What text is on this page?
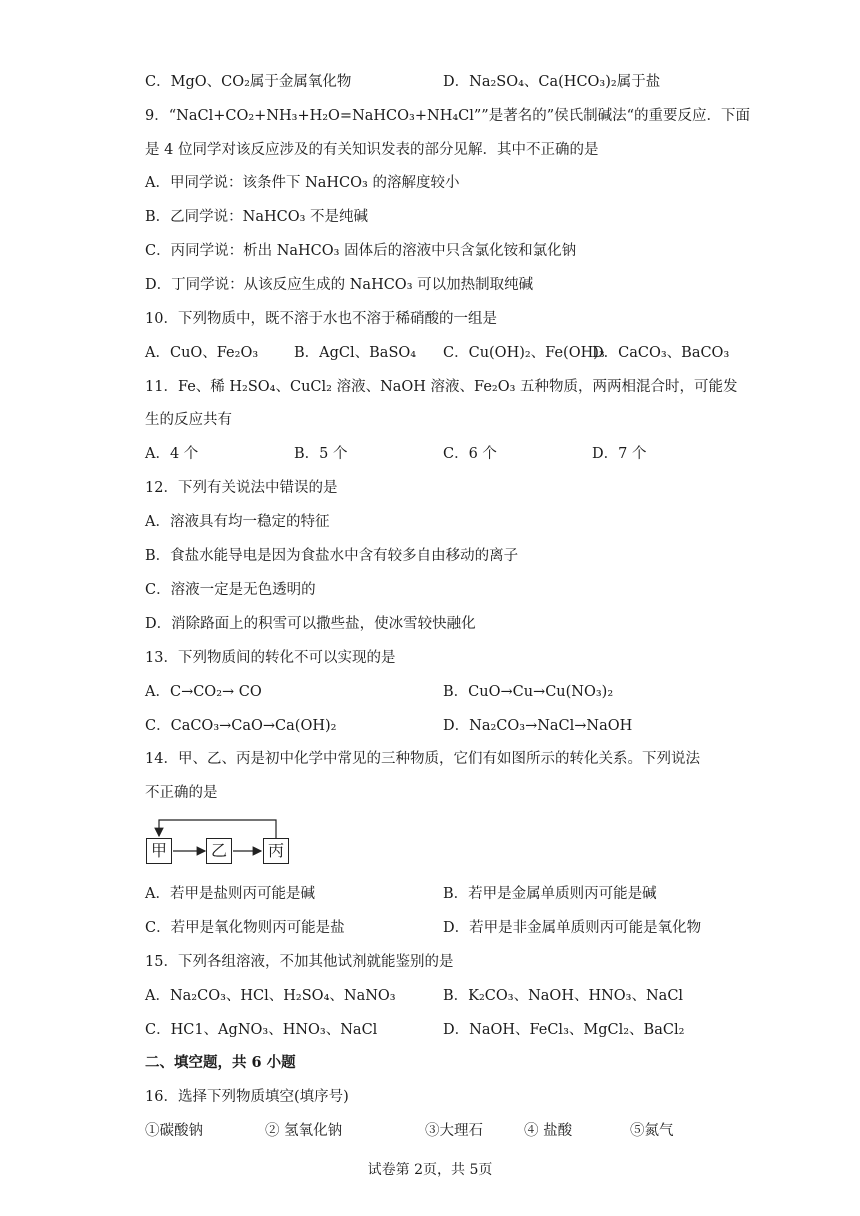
C．MgO、CO₂属于金属氧化物	D．Na₂SO₄、Ca(HCO₃)₂属于盐
9．“NaCl+CO₂+NH₃+H₂O=NaHCO₃+NH₄Cl””是著名的”侯氏制碱法“的重要反应．下面
是 4 位同学对该反应涉及的有关知识发表的部分见解．其中不正确的是
A．甲同学说：该条件下 NaHCO₃ 的溶解度较小
B．乙同学说：NaHCO₃ 不是纯碱
C．丙同学说：析出 NaHCO₃ 固体后的溶液中只含氯化铵和氯化钠
D．丁同学说：从该反应生成的 NaHCO₃ 可以加热制取纯碱
10．下列物质中，既不溶于水也不溶于稀硝酸的一组是
A．CuO、Fe₂O₃ B．AgCl、BaSO₄ C．Cu(OH)₂、Fe(OH)₃
D．CaCO₃、BaCO₃
11．Fe、稀 H₂SO₄、CuCl₂ 溶液、NaOH 溶液、Fe₂O₃ 五种物质，两两相混合时，可能发
生的反应共有
A．4 个	B．5 个	C．6 个	D．7 个
12．下列有关说法中错误的是
A．溶液具有均一稳定的特征
B．食盐水能导电是因为食盐水中含有较多自由移动的离子
C．溶液一定是无色透明的
D．消除路面上的积雪可以撒些盐，使冰雪较快融化
13．下列物质间的转化不可以实现的是
A．C→CO₂→ CO	B．CuO→Cu→Cu(NO₃)₂
C．CaCO₃→CaO→Ca(OH)₂	D．Na₂CO₃→NaCl→NaOH
14．甲、乙、丙是初中化学中常见的三种物质，它们有如图所示的转化关系。下列说法
不正确的是
甲	乙	丙
A．若甲是盐则丙可能是碱	B．若甲是金属单质则丙可能是碱
C．若甲是氧化物则丙可能是盐	D．若甲是非金属单质则丙可能是氧化物
15．下列各组溶液，不加其他试剂就能鉴别的是
A．Na₂CO₃、HCl、H₂SO₄、NaNO₃	B．K₂CO₃、NaOH、HNO₃、NaCl
C．HC1、AgNO₃、HNO₃、NaCl	D．NaOH、FeCl₃、MgCl₂、BaCl₂
二、填空题，共 6 小题
16．选择下列物质填空(填序号)
①碳酸钠	② 氢氧化钠	③大理石	④ 盐酸	⑤氮气
试卷第 2页，共 5页
